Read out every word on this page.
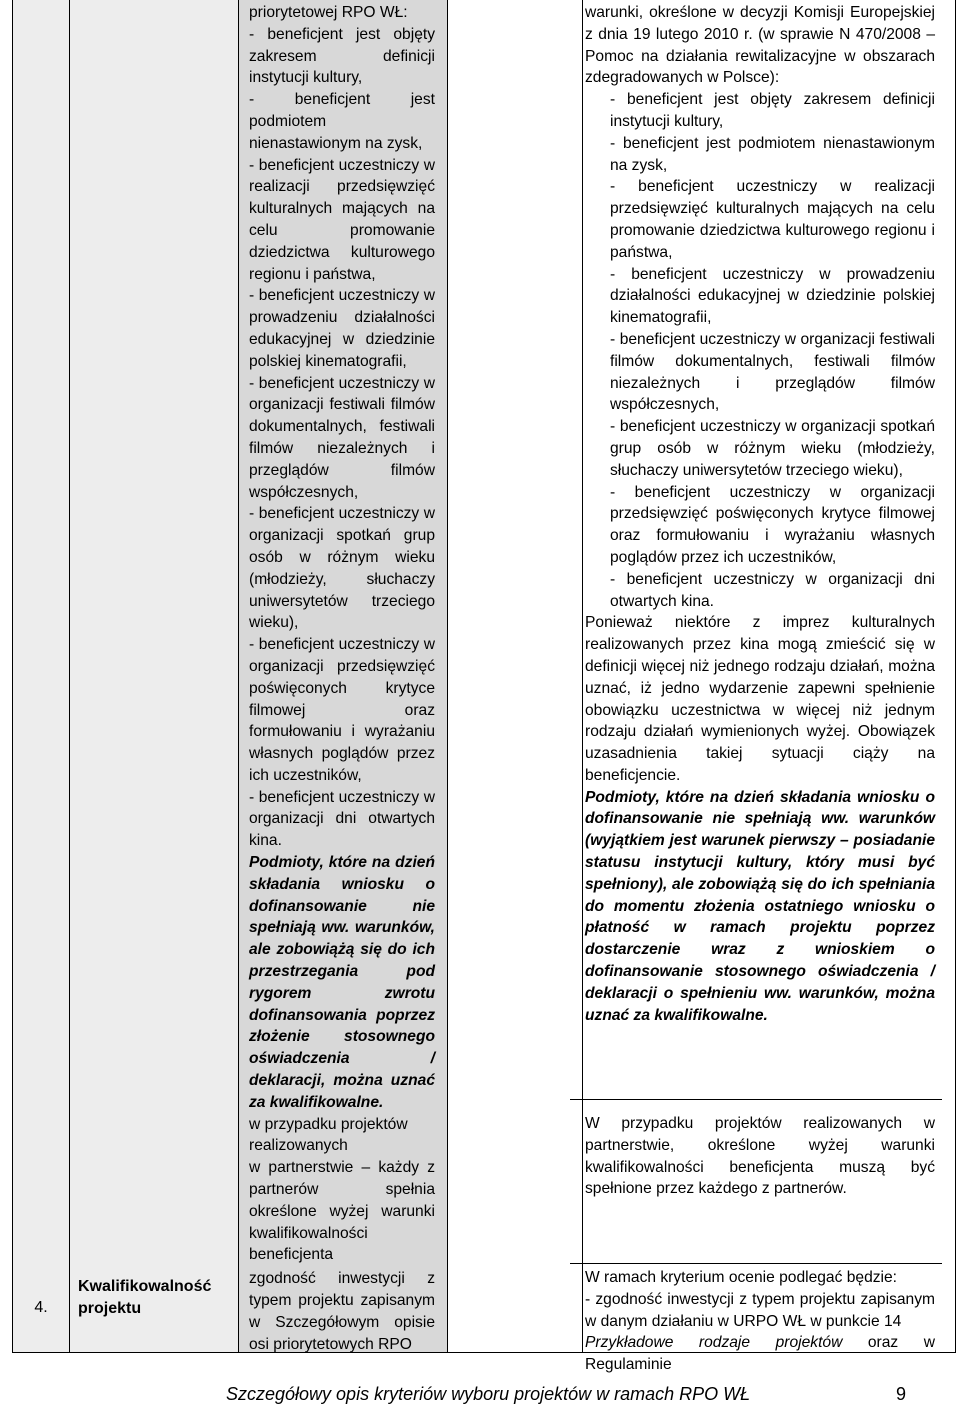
4.
Kwalifikowalność
projektu

priorytetowej RPO WŁ:

- beneficjent jest objęty zakresem definicji instytucji kultury,

- beneficjent jest podmiotem nienastawionym na zysk,

- beneficjent uczestniczy w realizacji przedsięwzięć kulturalnych mających na celu promowanie dziedzictwa kulturowego regionu i państwa,

- beneficjent uczestniczy w prowadzeniu działalności edukacyjnej w dziedzinie polskiej kinematografii,

- beneficjent uczestniczy w organizacji festiwali filmów dokumentalnych, festiwali filmów niezależnych i przeglądów filmów współczesnych,

- beneficjent uczestniczy w organizacji spotkań grup osób w różnym wieku (młodzieży, słuchaczy uniwersytetów trzeciego wieku),

- beneficjent uczestniczy w organizacji przedsięwzięć poświęconych krytyce filmowej oraz formułowaniu i wyrażaniu własnych poglądów przez ich uczestników,

- beneficjent uczestniczy w organizacji dni otwartych kina.

Podmioty, które na dzień składania wniosku o dofinansowanie nie spełniają ww. warunków, ale zobowiążą się do ich przestrzegania pod rygorem zwrotu dofinansowania poprzez złożenie stosownego oświadczenia / deklaracji, można uznać za kwalifikowalne.

w przypadku projektów realizowanych

w partnerstwie – każdy z partnerów spełnia określone wyżej warunki kwalifikowalności beneficjenta

zgodność inwestycji z typem projektu zapisanym w Szczegółowym opisie osi priorytetowych RPO

warunki, określone w decyzji Komisji Europejskiej z dnia 19 lutego 2010 r. (w sprawie N 470/2008 – Pomoc na działania rewitalizacyjne w obszarach zdegradowanych w Polsce):

- beneficjent jest objęty zakresem definicji instytucji kultury,

- beneficjent jest podmiotem nienastawionym na zysk,

- beneficjent uczestniczy w realizacji przedsięwzięć kulturalnych mających na celu promowanie dziedzictwa kulturowego regionu i państwa,

- beneficjent uczestniczy w prowadzeniu działalności edukacyjnej w dziedzinie polskiej kinematografii,

- beneficjent uczestniczy w organizacji festiwali filmów dokumentalnych, festiwali filmów niezależnych i przeglądów filmów współczesnych,

- beneficjent uczestniczy w organizacji spotkań grup osób w różnym wieku (młodzieży, słuchaczy uniwersytetów trzeciego wieku),

- beneficjent uczestniczy w organizacji przedsięwzięć poświęconych krytyce filmowej oraz formułowaniu i wyrażaniu własnych poglądów przez ich uczestników,

- beneficjent uczestniczy w organizacji dni otwartych kina.

Ponieważ niektóre z imprez kulturalnych realizowanych przez kina mogą zmieścić się w definicji więcej niż jednego rodzaju działań, można uznać, iż jedno wydarzenie zapewni spełnienie obowiązku uczestnictwa w więcej niż jednym rodzaju działań wymienionych wyżej. Obowiązek uzasadnienia takiej sytuacji ciąży na beneficjencie.

Podmioty, które na dzień składania wniosku o dofinansowanie nie spełniają ww. warunków (wyjątkiem jest warunek pierwszy – posiadanie statusu instytucji kultury, który musi być spełniony), ale zobowiążą się do ich spełniania do momentu złożenia ostatniego wniosku o płatność w ramach projektu poprzez dostarczenie wraz z wnioskiem o dofinansowanie stosownego oświadczenia / deklaracji o spełnieniu ww. warunków, można uznać za kwalifikowalne.

W przypadku projektów realizowanych w partnerstwie, określone wyżej warunki kwalifikowalności beneficjenta muszą być spełnione przez każdego z partnerów.

W ramach kryterium ocenie podlegać będzie:

- zgodność inwestycji z typem projektu zapisanym w danym działaniu w URPO WŁ w punkcie 14

Przykładowe rodzaje projektów oraz w Regulaminie

Szczegółowy opis kryteriów wyboru projektów w ramach RPO WŁ	9
